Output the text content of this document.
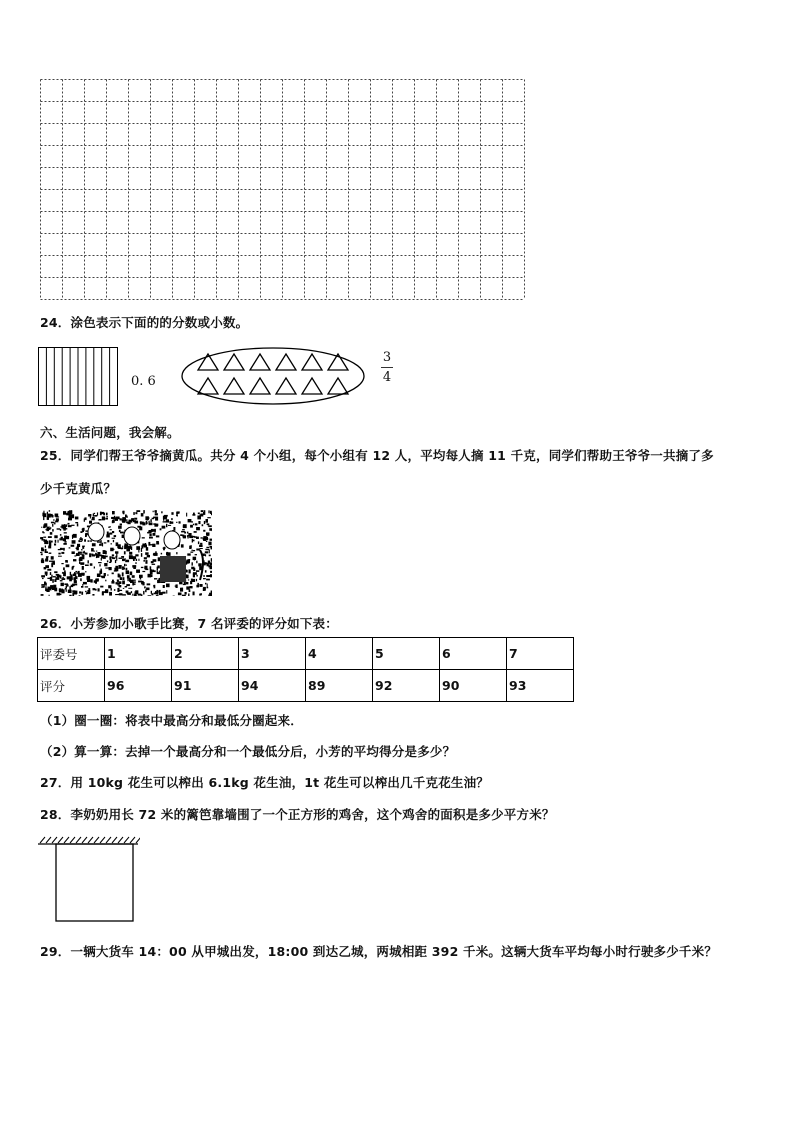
24．涂色表示下面的的分数或小数。
0. 6
3
4
六、生活问题，我会解。
25．同学们帮王爷爷摘黄瓜。共分 4 个小组，每个小组有 12 人，平均每人摘 11 千克，同学们帮助王爷爷一共摘了多
少千克黄瓜？
26．小芳参加小歌手比赛，7 名评委的评分如下表：
评委号	1	2	3	4	5	6	7
评分	96	91	94	89	92	90	93
（1）圈一圈：将表中最高分和最低分圈起来．
（2）算一算：去掉一个最高分和一个最低分后，小芳的平均得分是多少？
27．用 10kg 花生可以榨出 6.1kg 花生油，1t 花生可以榨出几千克花生油？
28．李奶奶用长 72 米的篱笆靠墙围了一个正方形的鸡舍，这个鸡舍的面积是多少平方米？
29．一辆大货车 14：00 从甲城出发，18:00 到达乙城，两城相距 392 千米。这辆大货车平均每小时行驶多少千米？
